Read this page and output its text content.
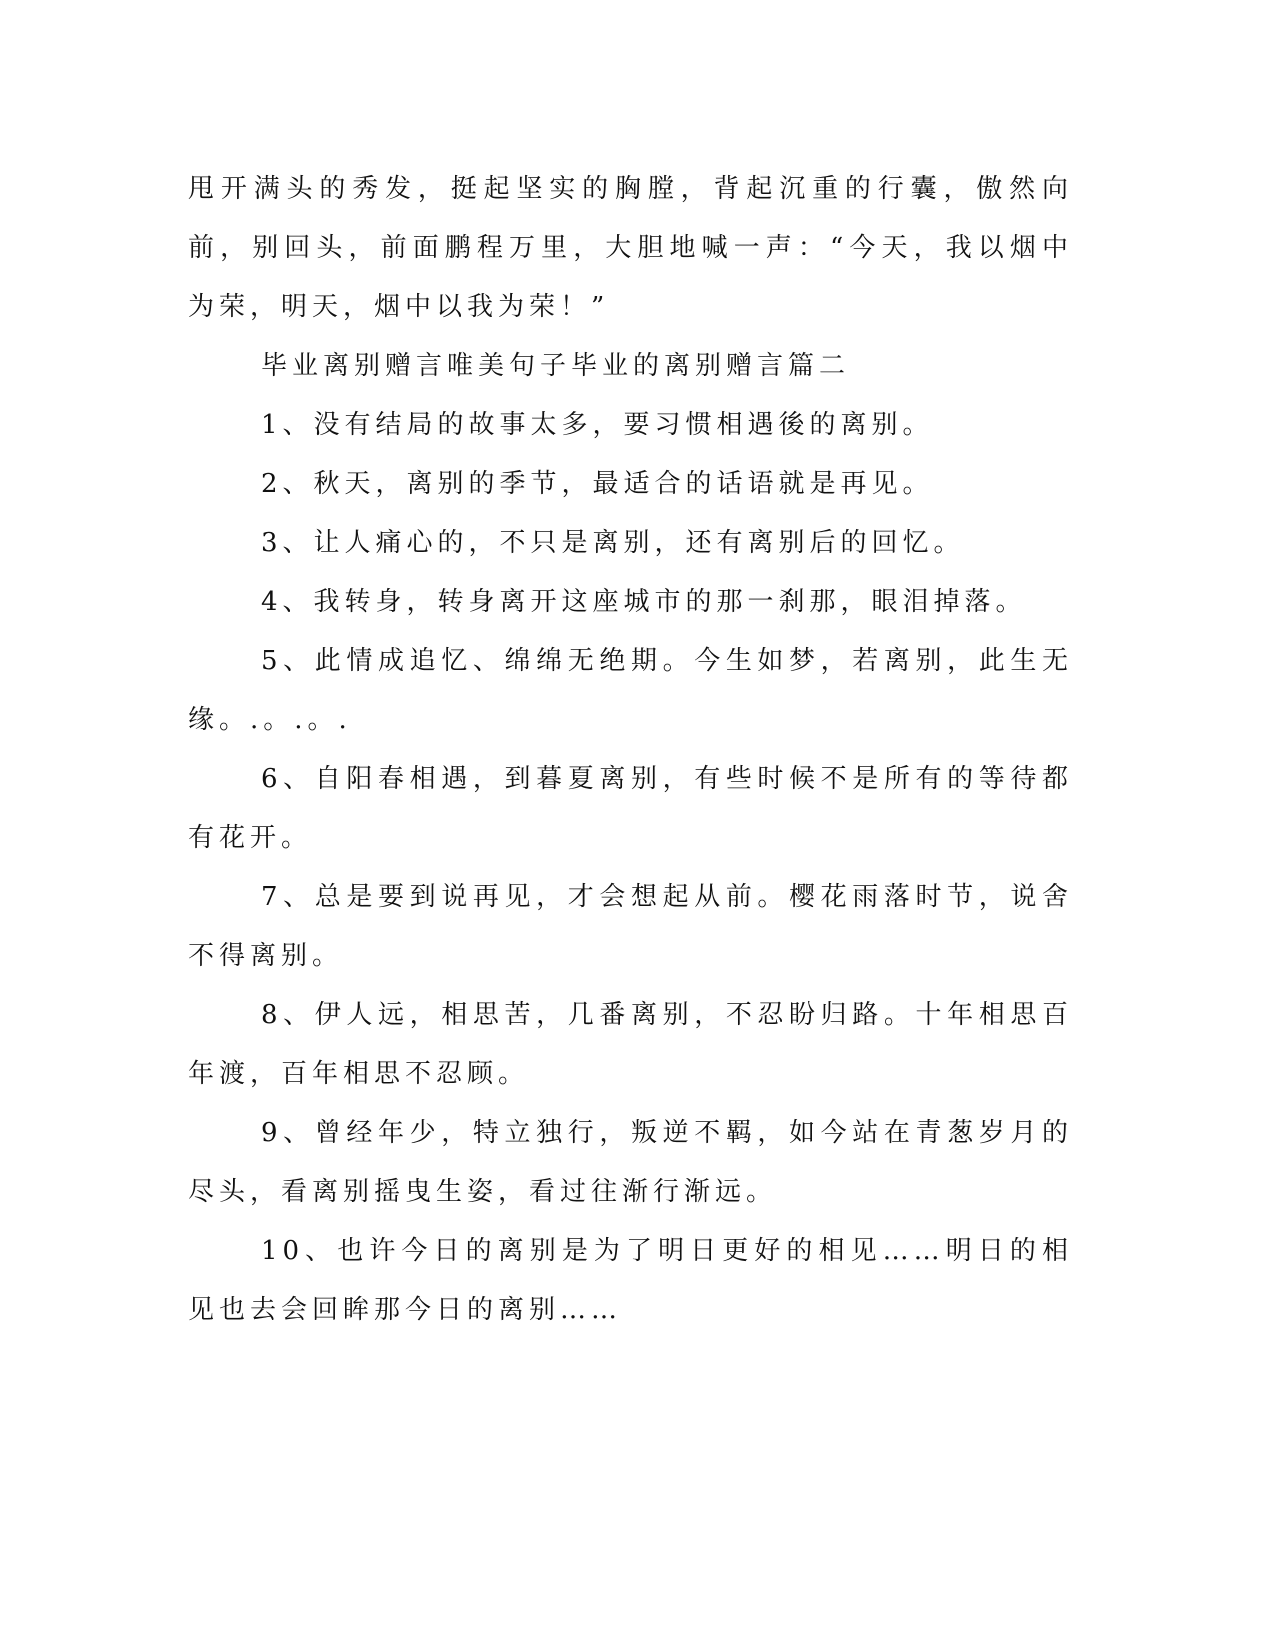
甩开满头的秀发，挺起坚实的胸膛，背起沉重的行囊，傲然向前，别回头，前面鹏程万里，大胆地喊一声：“今天，我以烟中为荣，明天，烟中以我为荣！”

毕业离别赠言唯美句子毕业的离别赠言篇二

1、没有结局的故事太多，要习惯相遇後的离别。

2、秋天，离别的季节，最适合的话语就是再见。

3、让人痛心的，不只是离别，还有离别后的回忆。

4、我转身，转身离开这座城市的那一刹那，眼泪掉落。

5、此情成追忆、绵绵无绝期。今生如梦，若离别，此生无缘。.。.。.

6、自阳春相遇，到暮夏离别，有些时候不是所有的等待都有花开。

7、总是要到说再见，才会想起从前。樱花雨落时节，说舍不得离别。

8、伊人远，相思苦，几番离别，不忍盼归路。十年相思百年渡，百年相思不忍顾。

9、曾经年少，特立独行，叛逆不羁，如今站在青葱岁月的尽头，看离别摇曳生姿，看过往渐行渐远。

10、也许今日的离别是为了明日更好的相见……明日的相见也去会回眸那今日的离别……
